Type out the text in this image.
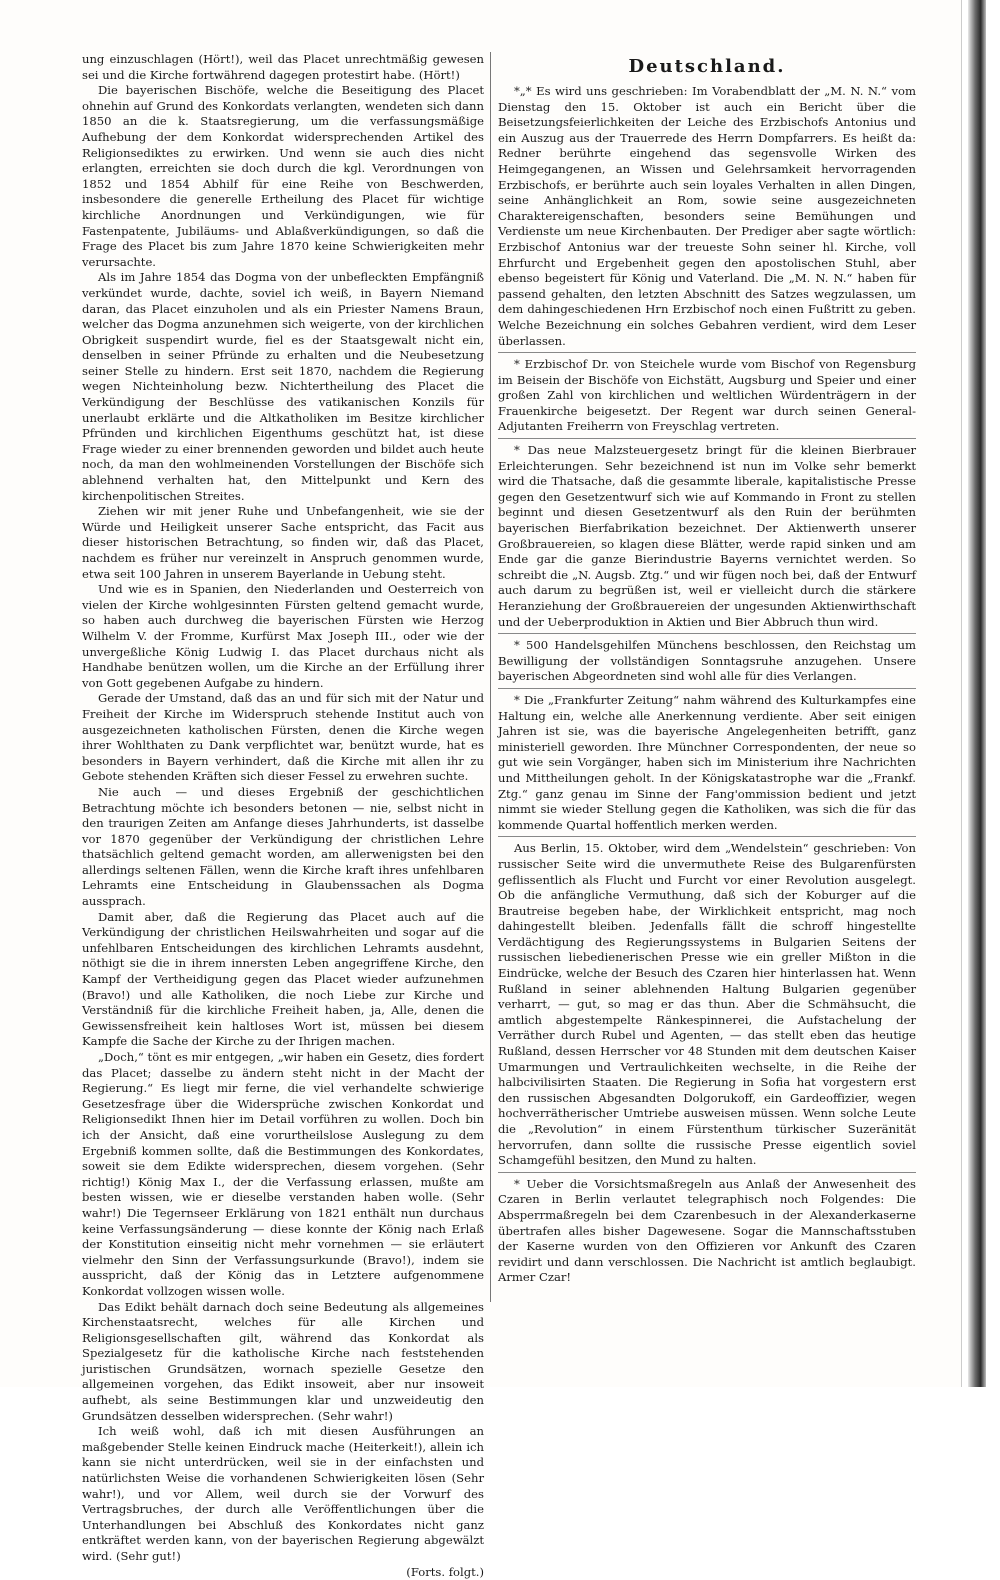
ung einzuschlagen (Hört!), weil das Placet unrechtmäßig gewesen sei und die Kirche fortwährend dagegen protestirt habe. (Hört!)

Die bayerischen Bischöfe, welche die Beseitigung des Placet ohnehin auf Grund des Konkordats verlangten, wendeten sich dann 1850 an die k. Staatsregierung, um die verfassungsmäßige Aufhebung der dem Konkordat widersprechenden Artikel des Religionsediktes zu erwirken. Und wenn sie auch dies nicht erlangten, erreichten sie doch durch die kgl. Verordnungen von 1852 und 1854 Abhilf für eine Reihe von Beschwerden, insbesondere die generelle Ertheilung des Placet für wichtige kirchliche Anordnungen und Verkündigungen, wie für Fastenpatente, Jubiläums- und Ablaßverkündigungen, so daß die Frage des Placet bis zum Jahre 1870 keine Schwierigkeiten mehr verursachte.

Als im Jahre 1854 das Dogma von der unbefleckten Empfängniß verkündet wurde, dachte, soviel ich weiß, in Bayern Niemand daran, das Placet einzuholen und als ein Priester Namens Braun, welcher das Dogma anzunehmen sich weigerte, von der kirchlichen Obrigkeit suspendirt wurde, fiel es der Staatsgewalt nicht ein, denselben in seiner Pfründe zu erhalten und die Neubesetzung seiner Stelle zu hindern. Erst seit 1870, nachdem die Regierung wegen Nichteinholung bezw. Nichtertheilung des Placet die Verkündigung der Beschlüsse des vatikanischen Konzils für unerlaubt erklärte und die Altkatholiken im Besitze kirchlicher Pfründen und kirchlichen Eigenthums geschützt hat, ist diese Frage wieder zu einer brennenden geworden und bildet auch heute noch, da man den wohlmeinenden Vorstellungen der Bischöfe sich ablehnend verhalten hat, den Mittelpunkt und Kern des kirchenpolitischen Streites.

Ziehen wir mit jener Ruhe und Unbefangenheit, wie sie der Würde und Heiligkeit unserer Sache entspricht, das Facit aus dieser historischen Betrachtung, so finden wir, daß das Placet, nachdem es früher nur vereinzelt in Anspruch genommen wurde, etwa seit 100 Jahren in unserem Bayerlande in Uebung steht.

Und wie es in Spanien, den Niederlanden und Oesterreich von vielen der Kirche wohlgesinnten Fürsten geltend gemacht wurde, so haben auch durchweg die bayerischen Fürsten wie Herzog Wilhelm V. der Fromme, Kurfürst Max Joseph III., oder wie der unvergeßliche König Ludwig I. das Placet durchaus nicht als Handhabe benützen wollen, um die Kirche an der Erfüllung ihrer von Gott gegebenen Aufgabe zu hindern.

Gerade der Umstand, daß das an und für sich mit der Natur und Freiheit der Kirche im Widerspruch stehende Institut auch von ausgezeichneten katholischen Fürsten, denen die Kirche wegen ihrer Wohlthaten zu Dank verpflichtet war, benützt wurde, hat es besonders in Bayern verhindert, daß die Kirche mit allen ihr zu Gebote stehenden Kräften sich dieser Fessel zu erwehren suchte.

Nie auch — und dieses Ergebniß der geschichtlichen Betrachtung möchte ich besonders betonen — nie, selbst nicht in den traurigen Zeiten am Anfange dieses Jahrhunderts, ist dasselbe vor 1870 gegenüber der Verkündigung der christlichen Lehre thatsächlich geltend gemacht worden, am allerwenigsten bei den allerdings seltenen Fällen, wenn die Kirche kraft ihres unfehlbaren Lehramts eine Entscheidung in Glaubenssachen als Dogma aussprach.

Damit aber, daß die Regierung das Placet auch auf die Verkündigung der christlichen Heilswahrheiten und sogar auf die unfehlbaren Entscheidungen des kirchlichen Lehramts ausdehnt, nöthigt sie die in ihrem innersten Leben angegriffene Kirche, den Kampf der Vertheidigung gegen das Placet wieder aufzunehmen (Bravo!) und alle Katholiken, die noch Liebe zur Kirche und Verständniß für die kirchliche Freiheit haben, ja, Alle, denen die Gewissensfreiheit kein haltloses Wort ist, müssen bei diesem Kampfe die Sache der Kirche zu der Ihrigen machen.

„Doch,“ tönt es mir entgegen, „wir haben ein Gesetz, dies fordert das Placet; dasselbe zu ändern steht nicht in der Macht der Regierung.“ Es liegt mir ferne, die viel verhandelte schwierige Gesetzesfrage über die Widersprüche zwischen Konkordat und Religionsedikt Ihnen hier im Detail vorführen zu wollen. Doch bin ich der Ansicht, daß eine vorurtheilslose Auslegung zu dem Ergebniß kommen sollte, daß die Bestimmungen des Konkordates, soweit sie dem Edikte widersprechen, diesem vorgehen. (Sehr richtig!) König Max I., der die Verfassung erlassen, mußte am besten wissen, wie er dieselbe verstanden haben wolle. (Sehr wahr!) Die Tegernseer Erklärung von 1821 enthält nun durchaus keine Verfassungsänderung — diese konnte der König nach Erlaß der Konstitution einseitig nicht mehr vornehmen — sie erläutert vielmehr den Sinn der Verfassungsurkunde (Bravo!), indem sie ausspricht, daß der König das in Letztere aufgenommene Konkordat vollzogen wissen wolle.

Das Edikt behält darnach doch seine Bedeutung als allgemeines Kirchenstaatsrecht, welches für alle Kirchen und Religionsgesellschaften gilt, während das Konkordat als Spezialgesetz für die katholische Kirche nach feststehenden juristischen Grundsätzen, wornach spezielle Gesetze den allgemeinen vorgehen, das Edikt insoweit, aber nur insoweit aufhebt, als seine Bestimmungen klar und unzweideutig den Grundsätzen desselben widersprechen. (Sehr wahr!)

Ich weiß wohl, daß ich mit diesen Ausführungen an maßgebender Stelle keinen Eindruck mache (Heiterkeit!), allein ich kann sie nicht unterdrücken, weil sie in der einfachsten und natürlichsten Weise die vorhandenen Schwierigkeiten lösen (Sehr wahr!), und vor Allem, weil durch sie der Vorwurf des Vertragsbruches, der durch alle Veröffentlichungen über die Unterhandlungen bei Abschluß des Konkordates nicht ganz entkräftet werden kann, von der bayerischen Regierung abgewälzt wird. (Sehr gut!)

(Forts. folgt.)
Deutschland.

*„* Es wird uns geschrieben: Im Vorabendblatt der „M. N. N.“ vom Dienstag den 15. Oktober ist auch ein Bericht über die Beisetzungsfeierlichkeiten der Leiche des Erzbischofs Antonius und ein Auszug aus der Trauerrede des Herrn Dompfarrers. Es heißt da: Redner berührte eingehend das segensvolle Wirken des Heimgegangenen, an Wissen und Gelehrsamkeit hervorragenden Erzbischofs, er berührte auch sein loyales Verhalten in allen Dingen, seine Anhänglichkeit an Rom, sowie seine ausgezeichneten Charaktereigenschaften, besonders seine Bemühungen und Verdienste um neue Kirchenbauten. Der Prediger aber sagte wörtlich: Erzbischof Antonius war der treueste Sohn seiner hl. Kirche, voll Ehrfurcht und Ergebenheit gegen den apostolischen Stuhl, aber ebenso begeistert für König und Vaterland. Die „M. N. N.“ haben für passend gehalten, den letzten Abschnitt des Satzes wegzulassen, um dem dahingeschiedenen Hrn Erzbischof noch einen Fußtritt zu geben. Welche Bezeichnung ein solches Gebahren verdient, wird dem Leser überlassen.

* Erzbischof Dr. von Steichele wurde vom Bischof von Regensburg im Beisein der Bischöfe von Eichstätt, Augsburg und Speier und einer großen Zahl von kirchlichen und weltlichen Würdenträgern in der Frauenkirche beigesetzt. Der Regent war durch seinen General-Adjutanten Freiherrn von Freyschlag vertreten.

* Das neue Malzsteuergesetz bringt für die kleinen Bierbrauer Erleichterungen. Sehr bezeichnend ist nun im Volke sehr bemerkt wird die Thatsache, daß die gesammte liberale, kapitalistische Presse gegen den Gesetzentwurf sich wie auf Kommando in Front zu stellen beginnt und diesen Gesetzentwurf als den Ruin der berühmten bayerischen Bierfabrikation bezeichnet. Der Aktienwerth unserer Großbrauereien, so klagen diese Blätter, werde rapid sinken und am Ende gar die ganze Bierindustrie Bayerns vernichtet werden. So schreibt die „N. Augsb. Ztg.“ und wir fügen noch bei, daß der Entwurf auch darum zu begrüßen ist, weil er vielleicht durch die stärkere Heranziehung der Großbrauereien der ungesunden Aktienwirthschaft und der Ueberproduktion in Aktien und Bier Abbruch thun wird.

* 500 Handelsgehilfen Münchens beschlossen, den Reichstag um Bewilligung der vollständigen Sonntagsruhe anzugehen. Unsere bayerischen Abgeordneten sind wohl alle für dies Verlangen.

* Die „Frankfurter Zeitung“ nahm während des Kulturkampfes eine Haltung ein, welche alle Anerkennung verdiente. Aber seit einigen Jahren ist sie, was die bayerische Angelegenheiten betrifft, ganz ministeriell geworden. Ihre Münchner Correspondenten, der neue so gut wie sein Vorgänger, haben sich im Ministerium ihre Nachrichten und Mittheilungen geholt. In der Königskatastrophe war die „Frankf. Ztg.“ ganz genau im Sinne der Fang'ommission bedient und jetzt nimmt sie wieder Stellung gegen die Katholiken, was sich die für das kommende Quartal hoffentlich merken werden.

Aus Berlin, 15. Oktober, wird dem „Wendelstein“ geschrieben: Von russischer Seite wird die unvermuthete Reise des Bulgarenfürsten geflissentlich als Flucht und Furcht vor einer Revolution ausgelegt. Ob die anfängliche Vermuthung, daß sich der Koburger auf die Brautreise begeben habe, der Wirklichkeit entspricht, mag noch dahingestellt bleiben. Jedenfalls fällt die schroff hingestellte Verdächtigung des Regierungssystems in Bulgarien Seitens der russischen liebedienerischen Presse wie ein greller Mißton in die Eindrücke, welche der Besuch des Czaren hier hinterlassen hat. Wenn Rußland in seiner ablehnenden Haltung Bulgarien gegenüber verharrt, — gut, so mag er das thun. Aber die Schmähsucht, die amtlich abgestempelte Ränkespinnerei, die Aufstachelung der Verräther durch Rubel und Agenten, — das stellt eben das heutige Rußland, dessen Herrscher vor 48 Stunden mit dem deutschen Kaiser Umarmungen und Vertraulichkeiten wechselte, in die Reihe der halbcivilisirten Staaten. Die Regierung in Sofia hat vorgestern erst den russischen Abgesandten Dolgorukoff, ein Gardeoffizier, wegen hochverrätherischer Umtriebe ausweisen müssen. Wenn solche Leute die „Revolution“ in einem Fürstenthum türkischer Suzeränität hervorrufen, dann sollte die russische Presse eigentlich soviel Schamgefühl besitzen, den Mund zu halten.

* Ueber die Vorsichtsmaßregeln aus Anlaß der Anwesenheit des Czaren in Berlin verlautet telegraphisch noch Folgendes: Die Absperrmaßregeln bei dem Czarenbesuch in der Alexanderkaserne übertrafen alles bisher Dagewesene. Sogar die Mannschaftsstuben der Kaserne wurden von den Offizieren vor Ankunft des Czaren revidirt und dann verschlossen. Die Nachricht ist amtlich beglaubigt. Armer Czar!
